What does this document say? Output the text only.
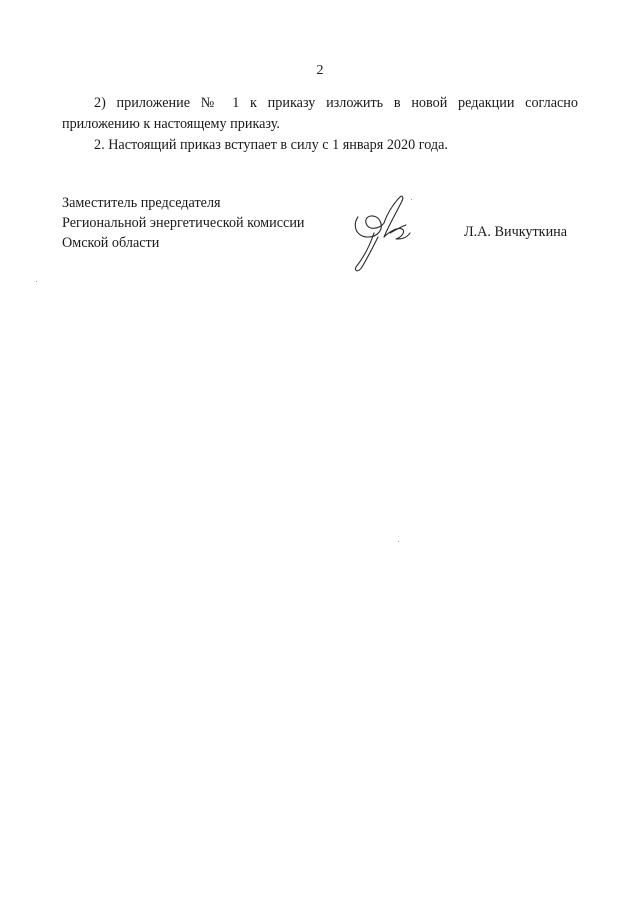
2

2) приложение № 1 к приказу изложить в новой редакции согласно приложению к настоящему приказу.

2. Настоящий приказ вступает в силу с 1 января 2020 года.

Заместитель председателя
Региональной энергетической комиссии
Омской области
Л.А. Вичкуткина
